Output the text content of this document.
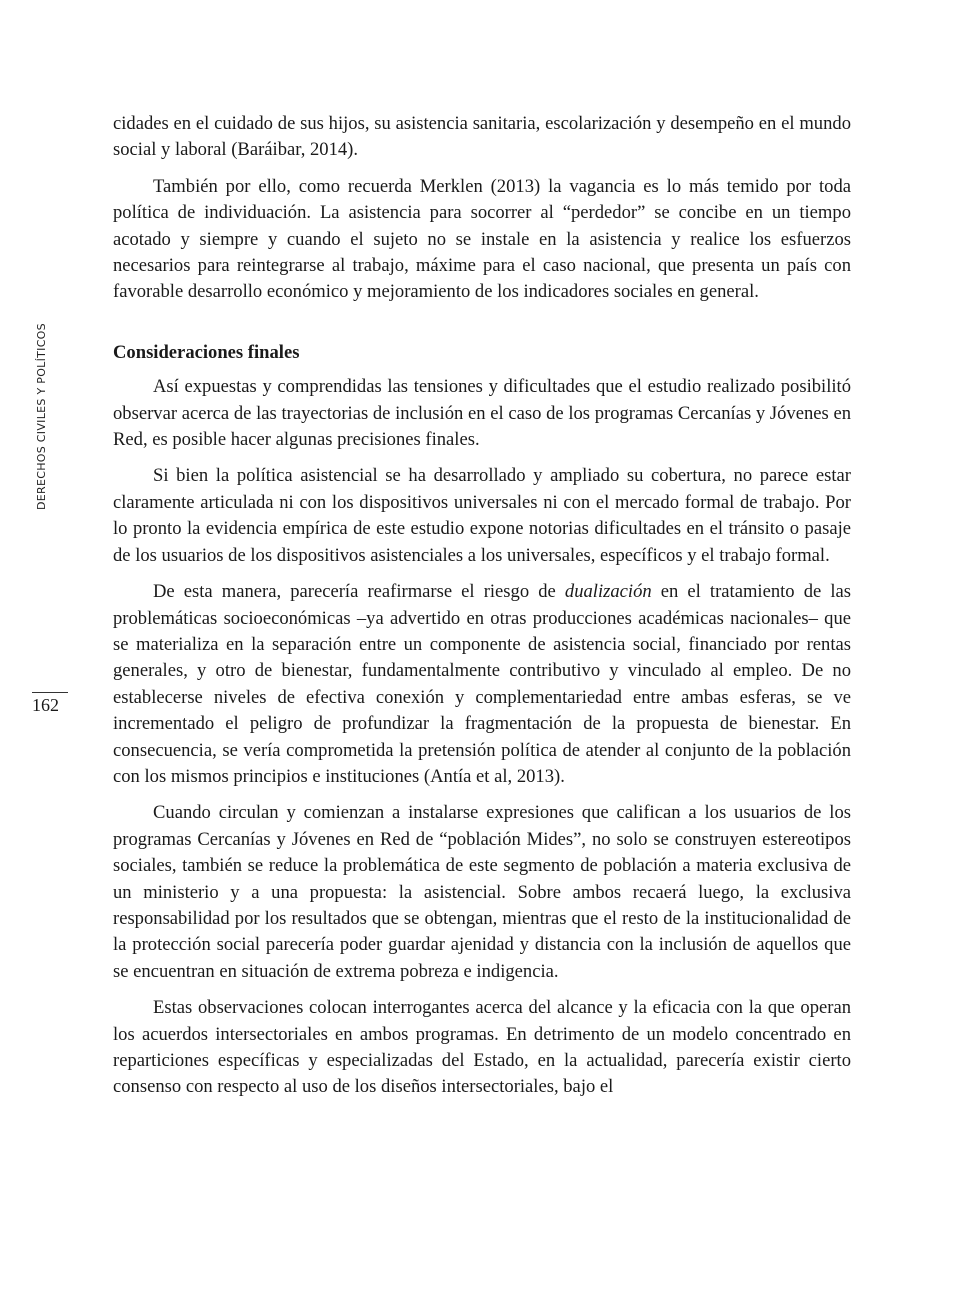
DERECHOS CIVILES Y POLÍTICOS
162

cidades en el cuidado de sus hijos, su asistencia sanitaria, escolarización y desempeño en el mundo social y laboral (Baráibar, 2014).

También por ello, como recuerda Merklen (2013) la vagancia es lo más temido por toda política de individuación. La asistencia para socorrer al “perdedor” se concibe en un tiempo acotado y siempre y cuando el sujeto no se instale en la asistencia y realice los esfuerzos necesarios para reintegrarse al trabajo, máxime para el caso nacional, que presenta un país con favorable desarrollo económico y mejoramiento de los indicadores sociales en general.

Consideraciones finales

Así expuestas y comprendidas las tensiones y dificultades que el estudio realizado posibilitó observar acerca de las trayectorias de inclusión en el caso de los programas Cercanías y Jóvenes en Red, es posible hacer algunas precisiones finales.

Si bien la política asistencial se ha desarrollado y ampliado su cobertura, no parece estar claramente articulada ni con los dispositivos universales ni con el mercado formal de trabajo. Por lo pronto la evidencia empírica de este estudio expone notorias dificultades en el tránsito o pasaje de los usuarios de los dispositivos asistenciales a los universales, específicos y el trabajo formal.

De esta manera, parecería reafirmarse el riesgo de dualización en el tratamiento de las problemáticas socioeconómicas –ya advertido en otras producciones académicas nacionales– que se materializa en la separación entre un componente de asistencia social, financiado por rentas generales, y otro de bienestar, fundamentalmente contributivo y vinculado al empleo. De no establecerse niveles de efectiva conexión y complementariedad entre ambas esferas, se ve incrementado el peligro de profundizar la fragmentación de la propuesta de bienestar. En consecuencia, se vería comprometida la pretensión política de atender al conjunto de la población con los mismos principios e instituciones (Antía et al, 2013).

Cuando circulan y comienzan a instalarse expresiones que califican a los usuarios de los programas Cercanías y Jóvenes en Red de “población Mides”, no solo se construyen estereotipos sociales, también se reduce la problemática de este segmento de población a materia exclusiva de un ministerio y a una propuesta: la asistencial. Sobre ambos recaerá luego, la exclusiva responsabilidad por los resultados que se obtengan, mientras que el resto de la institucionalidad de la protección social parecería poder guardar ajenidad y distancia con la inclusión de aquellos que se encuentran en situación de extrema pobreza e indigencia.

Estas observaciones colocan interrogantes acerca del alcance y la eficacia con la que operan los acuerdos intersectoriales en ambos programas. En detrimento de un modelo concentrado en reparticiones específicas y especializadas del Estado, en la actualidad, parecería existir cierto consenso con respecto al uso de los diseños intersectoriales, bajo el
